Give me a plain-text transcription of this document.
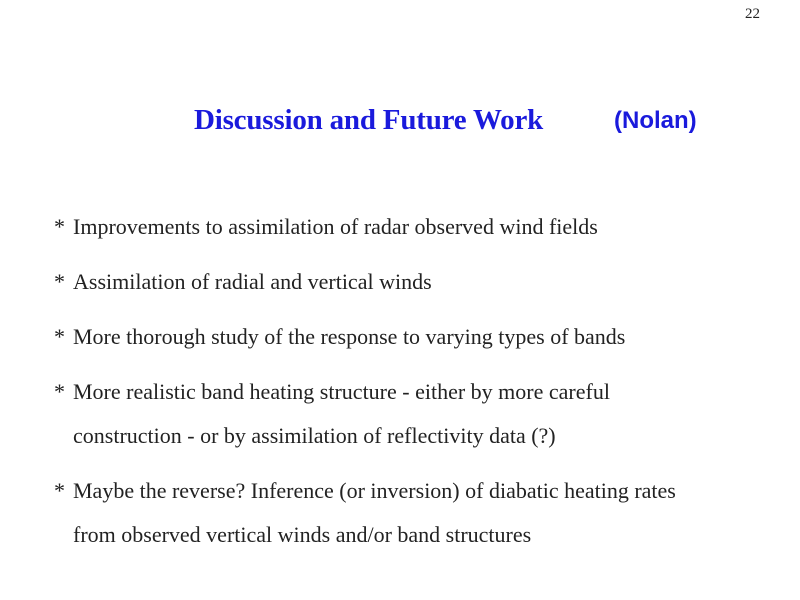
22
Discussion and Future Work	(Nolan)
* Improvements to assimilation of radar observed wind fields
* Assimilation of radial and vertical winds
* More thorough study of the response to varying types of bands
* More realistic band heating structure - either by more careful
construction - or by assimilation of reflectivity data (?)
* Maybe the reverse? Inference (or inversion) of diabatic heating rates
from observed vertical winds and/or band structures
